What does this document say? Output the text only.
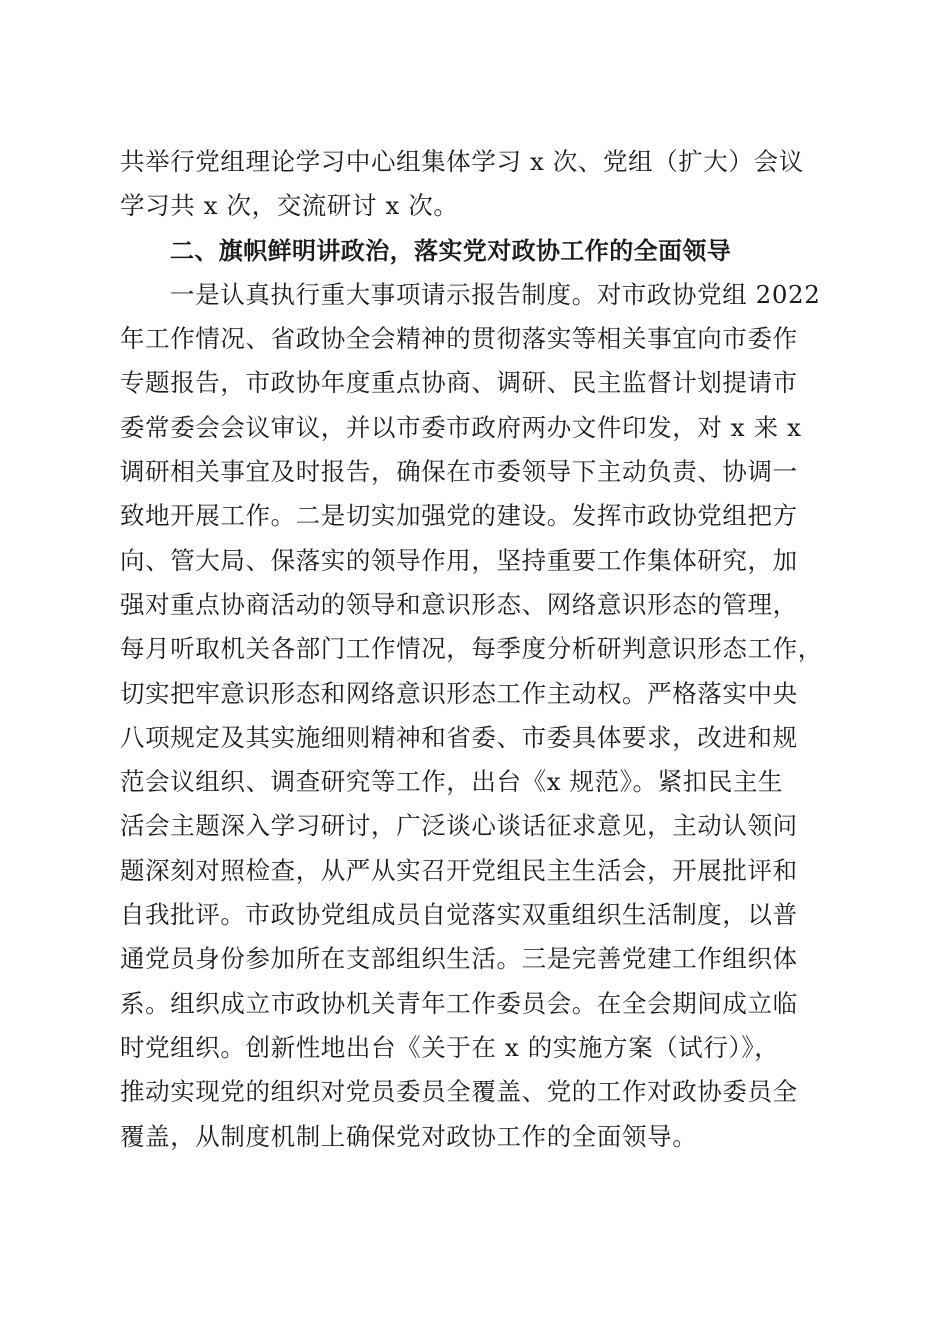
共举行党组理论学习中心组集体学习 x 次、党组（扩大）会议
学习共 x 次，交流研讨 x 次。
二、旗帜鲜明讲政治，落实党对政协工作的全面领导
一是认真执行重大事项请示报告制度。对市政协党组 2022
年工作情况、省政协全会精神的贯彻落实等相关事宜向市委作
专题报告，市政协年度重点协商、调研、民主监督计划提请市
委常委会会议审议，并以市委市政府两办文件印发，对 x 来 x
调研相关事宜及时报告，确保在市委领导下主动负责、协调一
致地开展工作。二是切实加强党的建设。发挥市政协党组把方
向、管大局、保落实的领导作用，坚持重要工作集体研究，加
强对重点协商活动的领导和意识形态、网络意识形态的管理，
每月听取机关各部门工作情况，每季度分析研判意识形态工作，
切实把牢意识形态和网络意识形态工作主动权。严格落实中央
八项规定及其实施细则精神和省委、市委具体要求，改进和规
范会议组织、调查研究等工作，出台《x 规范》。紧扣民主生
活会主题深入学习研讨，广泛谈心谈话征求意见，主动认领问
题深刻对照检查，从严从实召开党组民主生活会，开展批评和
自我批评。市政协党组成员自觉落实双重组织生活制度，以普
通党员身份参加所在支部组织生活。三是完善党建工作组织体
系。组织成立市政协机关青年工作委员会。在全会期间成立临
时党组织。创新性地出台《关于在 x 的实施方案（试行）》，
推动实现党的组织对党员委员全覆盖、党的工作对政协委员全
覆盖，从制度机制上确保党对政协工作的全面领导。
